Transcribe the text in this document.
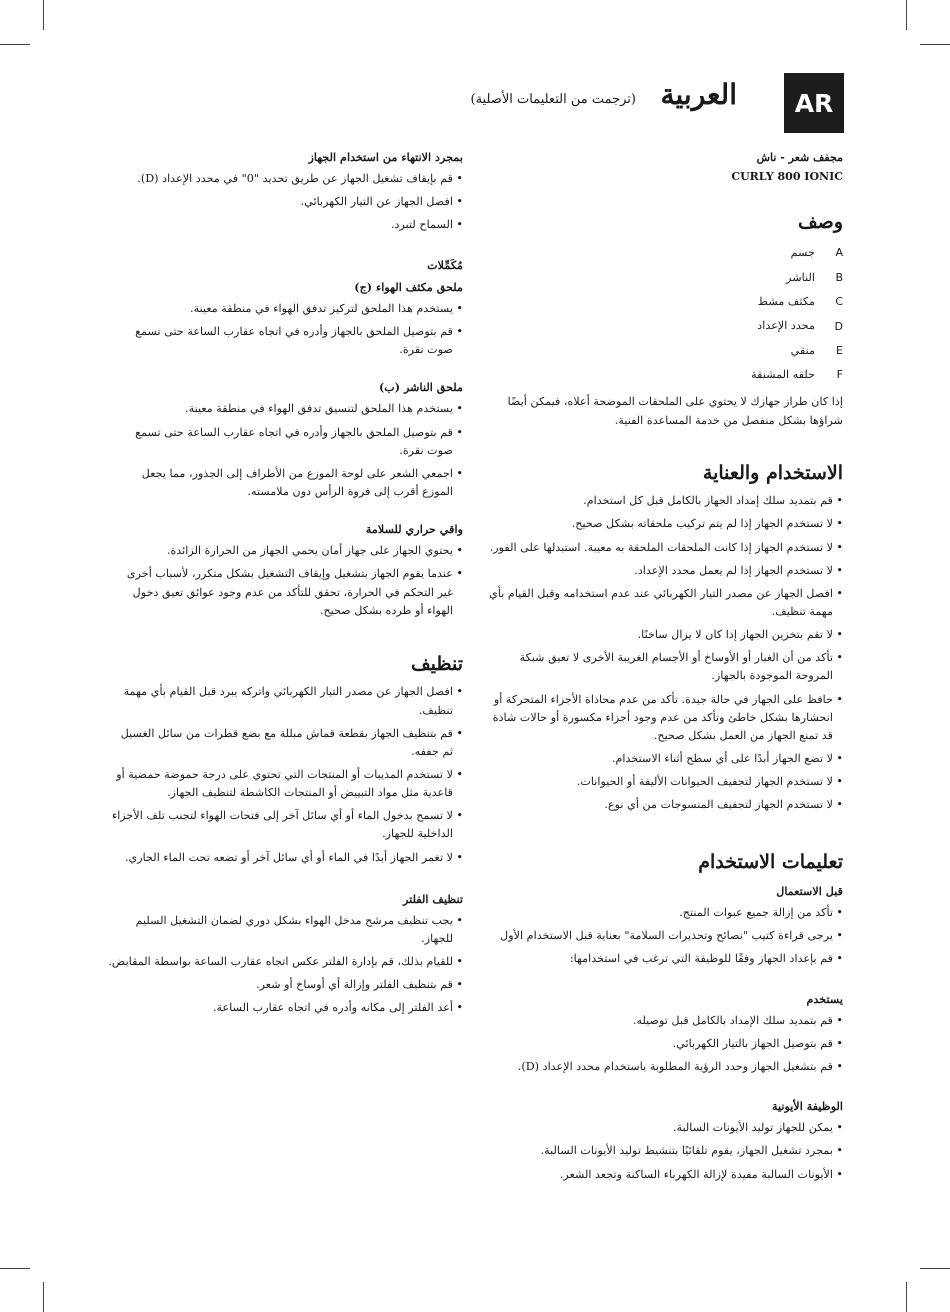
AR
العربية
(ترجمت من التعليمات الأصلية)

مجفف شعر - ناش

CURLY 800 IONIC

وصف
A
جسم
B
الناشر
C
مكثف مشط
D
محدد الإعداد
E
منقي
F
حلقه المشنقة

إذا كان طراز جهازك لا يحتوي على الملحقات الموضحة أعلاه، فيمكن أيضًا شراؤها بشكل منفصل من خدمة المساعدة الفنية.

الاستخدام والعناية
• قم بتمديد سلك إمداد الجهاز بالكامل قبل كل استخدام.
• لا تستخدم الجهاز إذا لم يتم تركيب ملحقاته بشكل صحيح.
• لا تستخدم الجهاز إذا كانت الملحقات الملحقة به معيبة. استبدلها على الفور.
• لا تستخدم الجهاز إذا لم يعمل محدد الإعداد.
• افصل الجهاز عن مصدر التيار الكهربائي عند عدم استخدامه وقبل القيام بأي مهمة تنظيف.
• لا تقم بتخزين الجهاز إذا كان لا يزال ساخنًا.
• تأكد من أن الغبار أو الأوساخ أو الأجسام الغريبة الأخرى لا تعيق شبكة المروحة الموجودة بالجهاز.
• حافظ على الجهاز في حالة جيدة. تأكد من عدم محاذاة الأجزاء المتحركة أو انحشارها بشكل خاطئ وتأكد من عدم وجود أجزاء مكسورة أو حالات شاذة قد تمنع الجهاز من العمل بشكل صحيح.
• لا تضع الجهاز أبدًا على أي سطح أثناء الاستخدام.
• لا تستخدم الجهاز لتجفيف الحيوانات الأليفة أو الحيوانات.
• لا تستخدم الجهاز لتجفيف المنسوجات من أي نوع.
تعليمات الاستخدام
قبل الاستعمال
• تأكد من إزالة جميع عبوات المنتج.
• يرجى قراءة كتيب "نصائح وتحذيرات السلامة" بعناية قبل الاستخدام الأول
• قم بإعداد الجهاز وفقًا للوظيفة التي ترغب في استخدامها:
يستخدم
• قم بتمديد سلك الإمداد بالكامل قبل توصيله.
• قم بتوصيل الجهاز بالتيار الكهربائي.
• قم بتشغيل الجهاز وحدد الرؤية المطلوبة باستخدام محدد الإعداد (D).
الوظيفة الأيونية
• يمكن للجهاز توليد الأيونات السالبة.
• بمجرد تشغيل الجهاز، يقوم تلقائيًا بتنشيط توليد الأيونات السالبة.
• الأيونات السالبة مفيدة لإزالة الكهرباء الساكنة وتجعد الشعر.
بمجرد الانتهاء من استخدام الجهاز
• قم بإيقاف تشغيل الجهاز عن طريق تحديد "0" في محدد الإعداد (D).
• افصل الجهاز عن التيار الكهربائي.
• السماح لتبرد.
مُكَمِّلات
ملحق مكثف الهواء (ج)
• يستخدم هذا الملحق لتركيز تدفق الهواء في منطقة معينة.
• قم بتوصيل الملحق بالجهاز وأدره في اتجاه عقارب الساعة حتى تسمع صوت نقرة.
ملحق الناشر (ب)
• يستخدم هذا الملحق لتنسيق تدفق الهواء في منطقة معينة.
• قم بتوصيل الملحق بالجهاز وأدره في اتجاه عقارب الساعة حتى تسمع صوت نقرة.
• اجمعي الشعر على لوحة الموزع من الأطراف إلى الجذور، مما يجعل الموزع أقرب إلى فروة الرأس دون ملامسته.
واقي حراري للسلامة
• يحتوي الجهاز على جهاز أمان يحمي الجهاز من الحرارة الزائدة.
• عندما يقوم الجهاز بتشغيل وإيقاف التشغيل بشكل متكرر، لأسباب أخرى غير التحكم في الحرارة، تحقق للتأكد من عدم وجود عوائق تعيق دخول الهواء أو طرده بشكل صحيح.
تنظيف
• افصل الجهاز عن مصدر التيار الكهربائي واتركه يبرد قبل القيام بأي مهمة تنظيف.
• قم بتنظيف الجهاز بقطعة قماش مبللة مع بضع قطرات من سائل الغسيل ثم جففه.
• لا تستخدم المذيبات أو المنتجات التي تحتوي على درجة حموضة حمضية أو قاعدية مثل مواد التبييض أو المنتجات الكاشطة لتنظيف الجهاز.
• لا تسمح بدخول الماء أو أي سائل آخر إلى فتحات الهواء لتجنب تلف الأجزاء الداخلية للجهاز.
• لا تغمر الجهاز أبدًا في الماء أو أي سائل آخر أو تضعه تحت الماء الجاري.
تنظيف الفلتر
• يجب تنظيف مرشح مدخل الهواء بشكل دوري لضمان التشغيل السليم للجهاز.
• للقيام بذلك، قم بإدارة الفلتر عكس اتجاه عقارب الساعة بواسطة المقابض.
• قم بتنظيف الفلتر وإزالة أي أوساخ أو شعر.
• أعد الفلتر إلى مكانه وأدره في اتجاه عقارب الساعة.
